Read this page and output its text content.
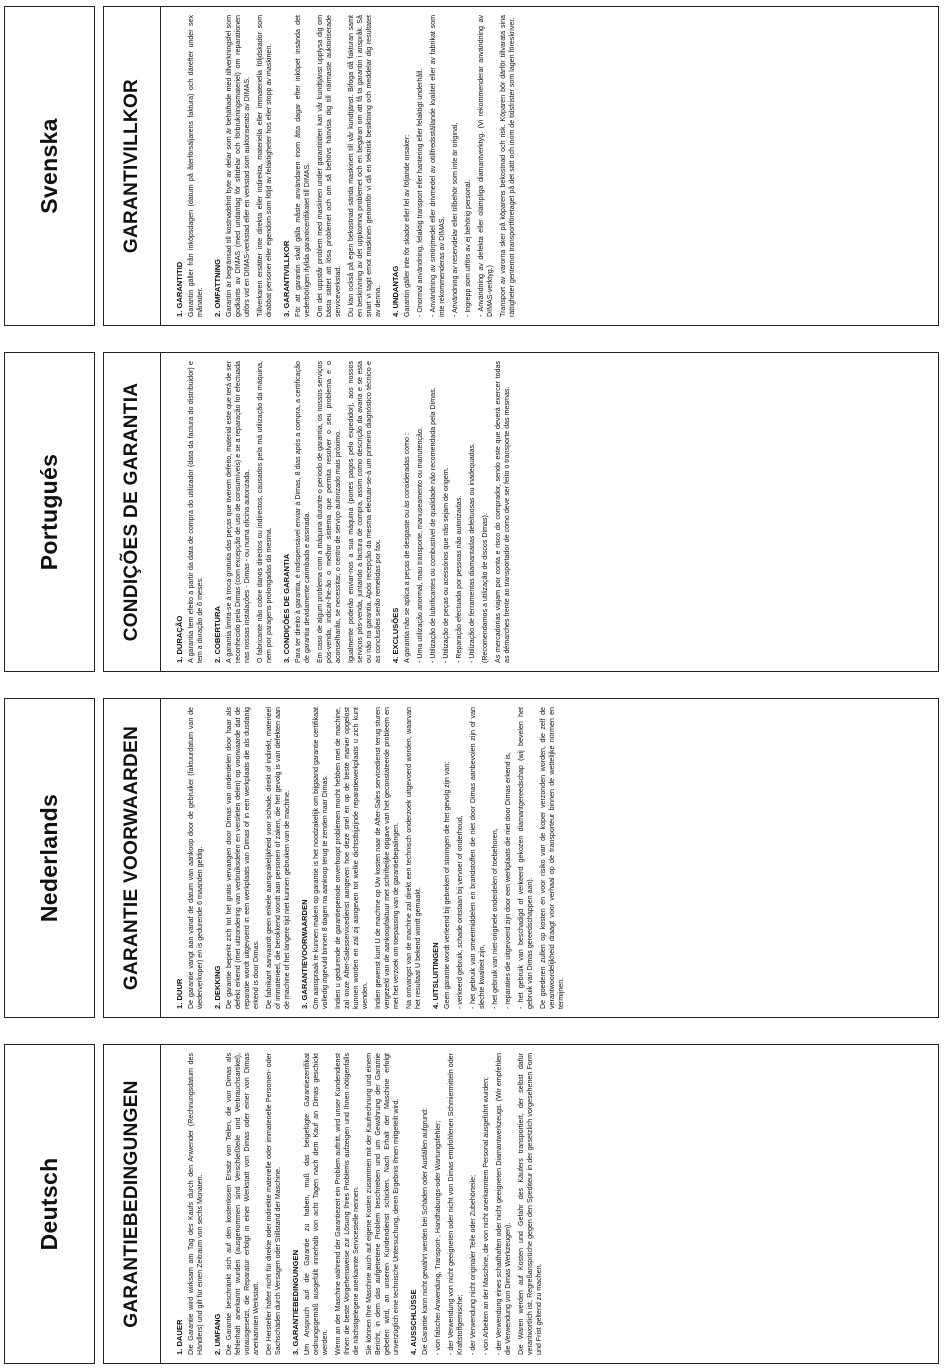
Deutsch	GARANTIEBEDINGUNGEN
1. DAUER Die Garantie wird wirksam am Tag des Kaufs durch den Anwender (Rechnungsdatum des Händlers) und gilt für einen Zeitraum von sechs Monaten. 2. UMFANG Die Garantie beschränkt sich auf den kostenlosen Ersatz von Teilen, die von Dimas als fehlerhaft anerkannt wurden (ausgenommen sind Verschleißteile und Verbrauchsartikel), vorausgesetzt, die Reparatur erfolgt in einer Werkstatt von Dimas oder einer von Dimas anerkannten Werkstatt. Der Hersteller haftet nicht für direkte oder indirekte materielle oder immaterielle Personen- oder Sachschäden durch Versagen oder Stillstand der Maschine. 3. GARANTIEBEDINGUNGEN Um Anspruch auf die Garantie zu haben, muß das beigefügte Garantiezertifikat ordnungsgemäß ausgefüllt innerhalb von acht Tagen nach dem Kauf an Dimas geschickt werden. Wenn an der Maschine während der Garantiezeit ein Problem auftritt, wird unser Kundendienst Ihnen die beste Vorgehensweise zur Lösung Ihres Problems aufzeigen und Ihnen nötigenfalls die nächstgelegene anerkannte Servicestelle nennen. Sie können Ihre Maschine auch auf eigene Kosten zusammen mit der Kaufrechnung und einem Bericht, in dem das aufgetretene Problem beschrieben und um Gewährung der Garantie gebeten wird, an unseren Kundendienst schicken. Nach Erhalt der Maschine erfolgt unverzüglich eine technische Untersuchung, deren Ergebnis Ihnen mitgeteilt wird. 4. AUSSCHLÜSSE Die Garantie kann nicht gewährt werden bei Schäden oder Ausfällen aufgrund: - von falscher Anwendung, Transport-, Handhabungs-oder Wartungsfehler; - der Verwendung von nicht geeigneten oder nicht von Dimas empfohlenen Schmiermitteln oder Kraftstoffgemische; - der Verwendung nicht originaler Teile oder Zubehörteile; - von Arbeiten an der Maschine, die von nicht anerkanntem Personal ausgeführt wurden; - der Verwendung eines schadhaften oder nicht geeigneten Diamantwerkzeugs. (Wir empfehlen die Verwendung von Dimas Werkzeugen). Die Waren werden auf Kosten und Gefahr des Käufers transportiert, der selbst dafür verantwortlich ist, Regreßansprüche gegen den Spediteur in der gesetzlich vorgesehenen Form und Frist geltend zu machen.

Nederlands	GARANTIE VOORWAARDEN
1. DUUR De garantie vangt aan vanaf de datum van aankoop door de gebruiker (faktuurdatum van de wederverkoper) en is gedurende 6 maanden geldig. 2. DEKKING De garantie beperkt zich tot het gratis vervangen door Dimas van onderdelen door haar als defekt erkend (met uitzondering van verbruiksdelen en versleten delen) op voorwaarde dat de reparatie wordt uitgevoerd in een werkplaats van Dimas of in een werkplaats die als dusdanig erkend is door Dimas. De fabrikant aanvaardt geen enkele aansprakelijkheid voor schade, direkt of indirekt, materieel of immaterieel, die berokkend wordt aan personen of zaken, die het gevolg is van defekten aan de machine of het langere tijd niet kunnen gebruiken van de machine. 3. GARANTIEVOORWAARDEN Om aanspraak te kunnen maken op garantie is het noodzakelijk om bijgaand garantie certifikaat volledig ingevuld binnen 8 dagen na aankoop terug te zenden naar Dimas. Indien u gedurende de garantieperiode onverhoopt problemen mocht hebben met de machine, zal onze After-Salesservicedienst aangeven hoe deze snel en op de beste manier opgelost kunnen worden en zal zij aangeven tot welke dichtstbijzijnde reparatiewerkplaats u zich kunt wenden. Indien gewenst kunt U de machine op Uw kosten naar de After-Sales servicedienst terug sturen vergezeld van de aankoopfaktuur met schriftelijke opgave van het geconstateerde probleem en met het verzoek om toepassing van de garantiebepalingen. Na ontvangst van de machine zal direkt een technisch onderzoek uitgevoerd worden, waarvan het resultaat U bekend wordt gemaakt. 4. UITSLUITINGEN Geen garantie wordt verleend bij gebreken of storingen die het gevolg zijn van: - verkeerd gebruik, schade ontstaan bij vervoer of onderhoud, - het gebruik van smeermiddelen en brandstoffen die niet door Dimas aanbevolen zijn of van slechte kwaliteit zijn, - het gebruik van niet-originele onderdelen of toebehoren, - reparaties die uitgevoerd zijn door een werkplaats die niet door Dimas erkend is, - het gebruik van beschadigd of verkeerd gekozen diamantgereedschap (wij bevelen het gebruik van Dimas gereedschappen aan). De goederen zullen op kosten en voor risiko van de koper verzonden worden, die zelf de verantwoordelijkheid draagt voor verhaal op de transporteur binnen de wettelijke normen en termijnen.

Portugués	CONDIÇÕES DE GARANTIA	1. DURAÇÃO A garantia tem efeito a partir da data de compra do utilizador (data da factura do distribuidor) e tem a duração de 6 meses. 2. COBERTURA A garantia limita-se à troca gratuita das peças que tiverem defeito, material este que terá de ser reconhecido pela Dimas (com excepção de uso de consumíveis) e se a reparação for efectuada nas nossas instalações - Dimas - ou numa oficina autorizada. O fabricante não cobre danos directos ou indirectos, causados pela má utilização da máquina, nem por paragens prolongadas da mesma. 3. CONDIÇÕES DE GARANTIA Para ter direito à garantia, é indispensável enviar à Dimas, 8 dias após a compra, a certificação de garantia devidamente carimbada e assinada. Em caso de algum problema com a máquina durante o período de garantia, os nossos serviços pós-venda, indicar-lhe-ão o melhor sistema que permita resolver o seu problema e o aconselharão, se necessitar, o centro de serviço autorizado mais próximo. Igualmente poderão enviar-nos a sua máquina (portes pagos pelo expedidor), aos nossos serviços pós-venda, juntando a factura de compra, assim como descrição da avaria e se esta ou não na garantia. Após recepção da mesma efectuar-se-á um primeiro diagnóstico técnico e as conclusões serão remetidas por fax. 4. EXCLUSÕES A garantia não se aplica a peças de desgaste ou às consideradas como : - Uma utilização anormal, mau transporte, manuseamento ou manutenção. - Utilização de lubrificantes ou combustível de qualidade não recomendada pela Dimas. - Utilização de peças ou acessórios que não sejam de origem. - Reparação efectuada por pessoas não autorizadas. - Utilização de ferramentas diamantadas defeituosas ou inadequadas. (Recomendamos a utilização de discos Dimas). As mercadorias viajam por conta e risco do comprador, sendo este que deverá exercer todas as démarches frente ao transportador de como deve ser feito o transporte das mesmas.

Svenska	GARANTIVILLKOR
1. GARANTITID Garantin gäller från inköpsdagen (datum på återförsäljarens faktura) och därefter under sex månader. 2. OMFATTNING Garantin är begränsad till kostnadsfritt byte av delar som är behäftade med tillverkningsfel som godkänts av DIMAS (med undantag för slitdelar och förbrukningsmateriel) om reparationen utförs vid en DIMAS-verkstad eller en verkstad som auktoriserats av DIMAS. Tillverkaren ersätter inte direkta eller indirekta, materiella eller immateriella följdskador som drabbat personer eller egendom som följd av felaktigheter hos eller stopp av maskinen. 3. GARANTIVILLKOR För att garantin skall gälla måste användaren inom åtta dagar efter inköpet insända det vederbörligen ifyllda garanticertifikatet till DIMAS. Om det uppstår problem med maskinen under garantitiden kan vår kundtjänst upplysa dig om bästa sättet att lösa problemet och om så behövs hänvisa dig till närmaste auktoriserade serviceverkstad. Du kan också på egen bekostnad sända maskinen till vår kundtjänst. Bifoga då fakturan samt en beskrivning av det uppkomna problemet och en begäran om att få ta garantin i anspråk. Så snart vi tagit emot maskinen genomför vi då en teknisk besiktning och meddelar dig resultatet av denna. 4. UNDANTAG Garantin gäller inte för skador eller fel av följande orsaker: - Onormal användning, felaktig transport eller hantering eller felaktigt underhåll. - Användning av smörjmedel eller drivmedel av otillfredsställande kvalitet eller av fabrikat som inte rekommenderas av DIMAS. - Användning av reservdelar eller tillbehör som inte är original. - Ingrepp som utförs av ej behörig personal. - Användning av defekta eller olämpliga diamantverktyg. (Vi rekommenderar användning av DIMAS-verktyg.) Transport av varorna sker på köparens bekostnad och risk. Köparen bör därför tillvarata sina rättigheter gentemot transportföretaget på det sätt och inom de tidsfrister som lagen föreskriver.
